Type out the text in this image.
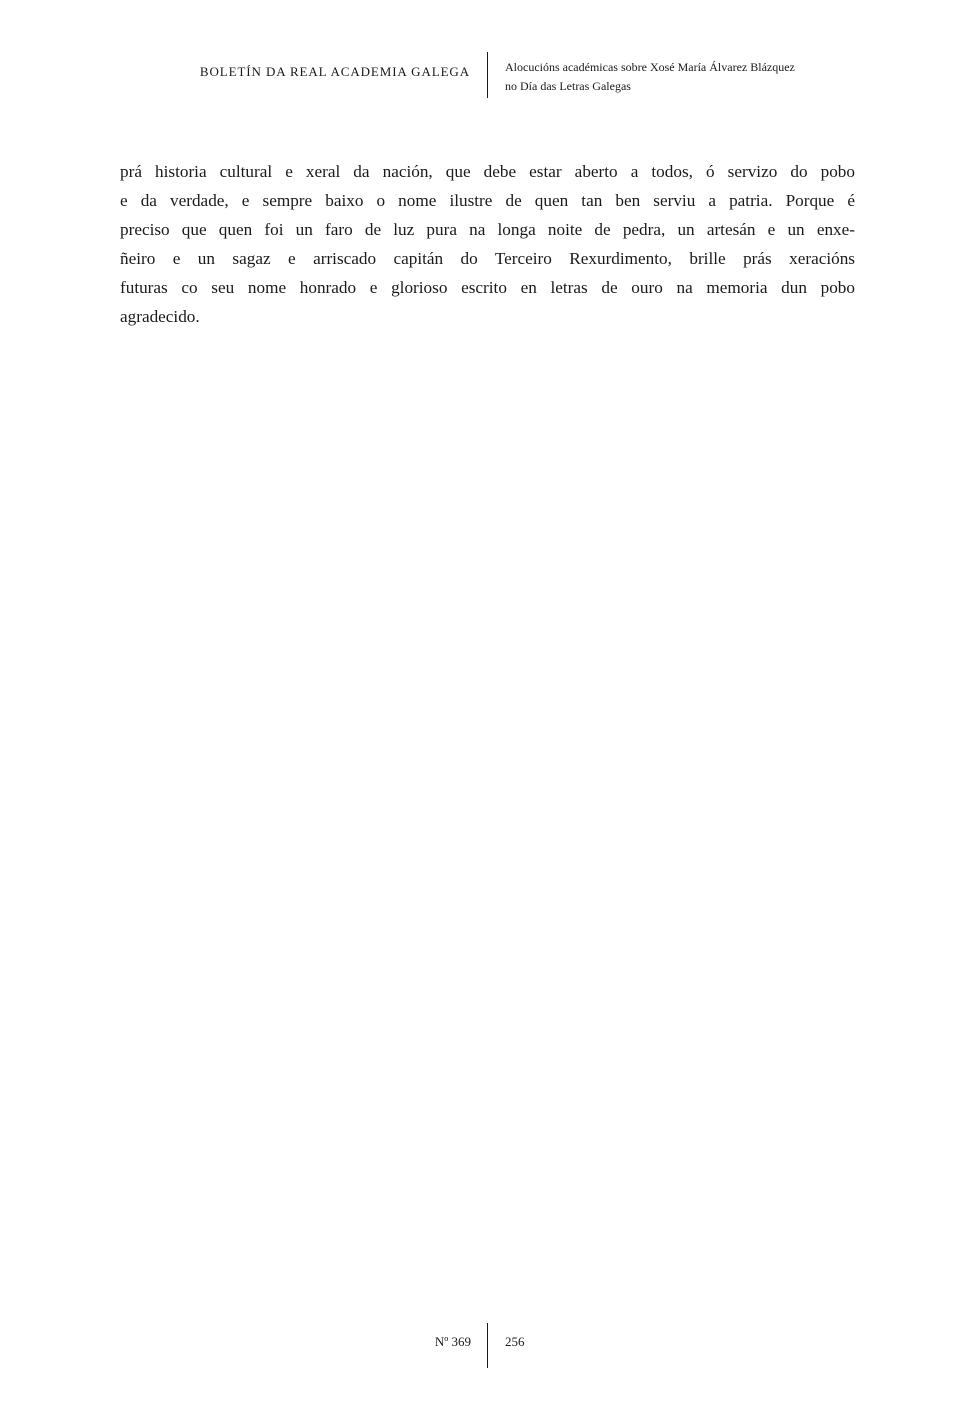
BOLETÍN DA REAL ACADEMIA GALEGA	Alocucións académicas sobre Xosé María Álvarez Blázquez
no Día das Letras Galegas
prá historia cultural e xeral da nación, que debe estar aberto a todos, ó servizo do pobo
e da verdade, e sempre baixo o nome ilustre de quen tan ben serviu a patria. Porque é
preciso que quen foi un faro de luz pura na longa noite de pedra, un artesán e un enxe-
ñeiro e un sagaz e arriscado capitán do Terceiro Rexurdimento, brille prás xeracións
futuras co seu nome honrado e glorioso escrito en letras de ouro na memoria dun pobo
agradecido.
Nº 369	256
